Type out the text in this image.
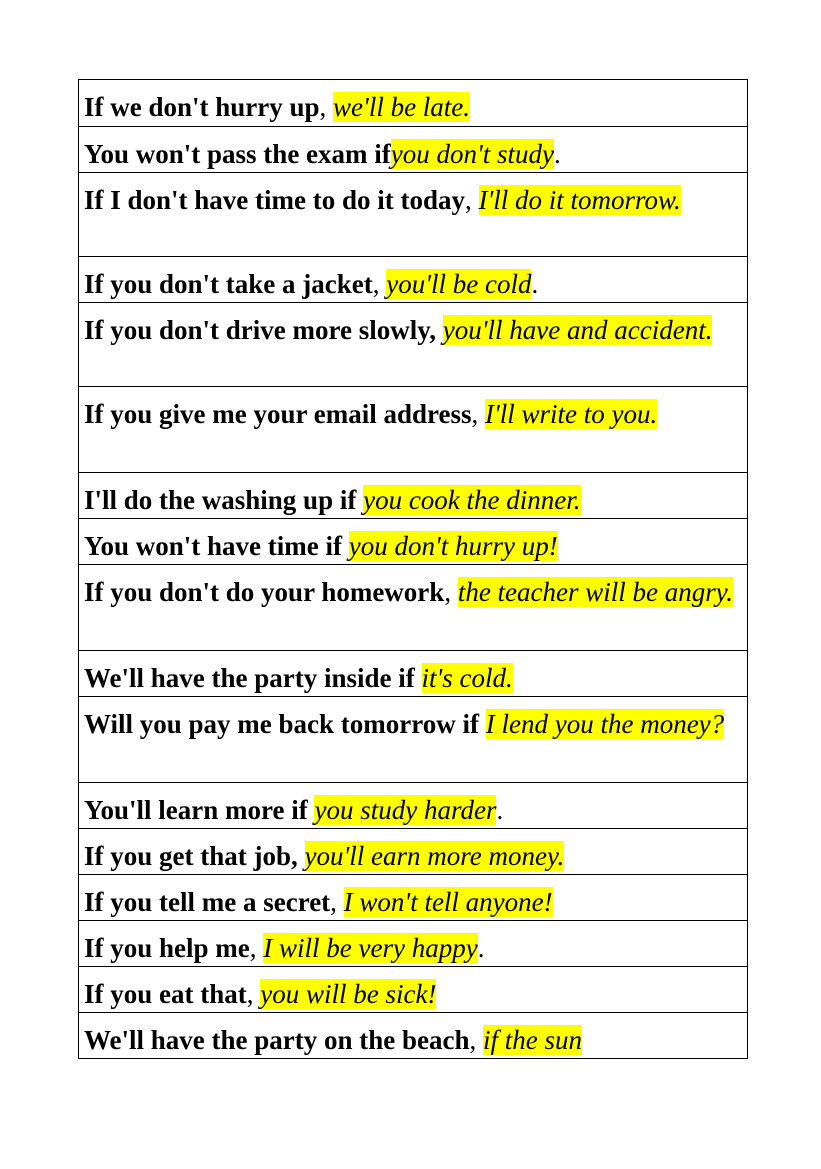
If we don't hurry up, we'll be late.
You won't pass the exam ifyou don't study.
If I don't have time to do it today, I'll do it tomorrow.
If you don't take a jacket, you'll be cold.
If you don't drive more slowly, you'll have and accident.
If you give me your email address, I'll write to you.
I'll do the washing up if you cook the dinner.
You won't have time if you don't hurry up!
If you don't do your homework, the teacher will be angry.
We'll have the party inside if it's cold.
Will you pay me back tomorrow if I lend you the money?
You'll learn more if you study harder.
If you get that job, you'll earn more money.
If you tell me a secret, I won't tell anyone!
If you help me, I will be very happy.
If you eat that, you will be sick!
We'll have the party on the beach, if the sun
